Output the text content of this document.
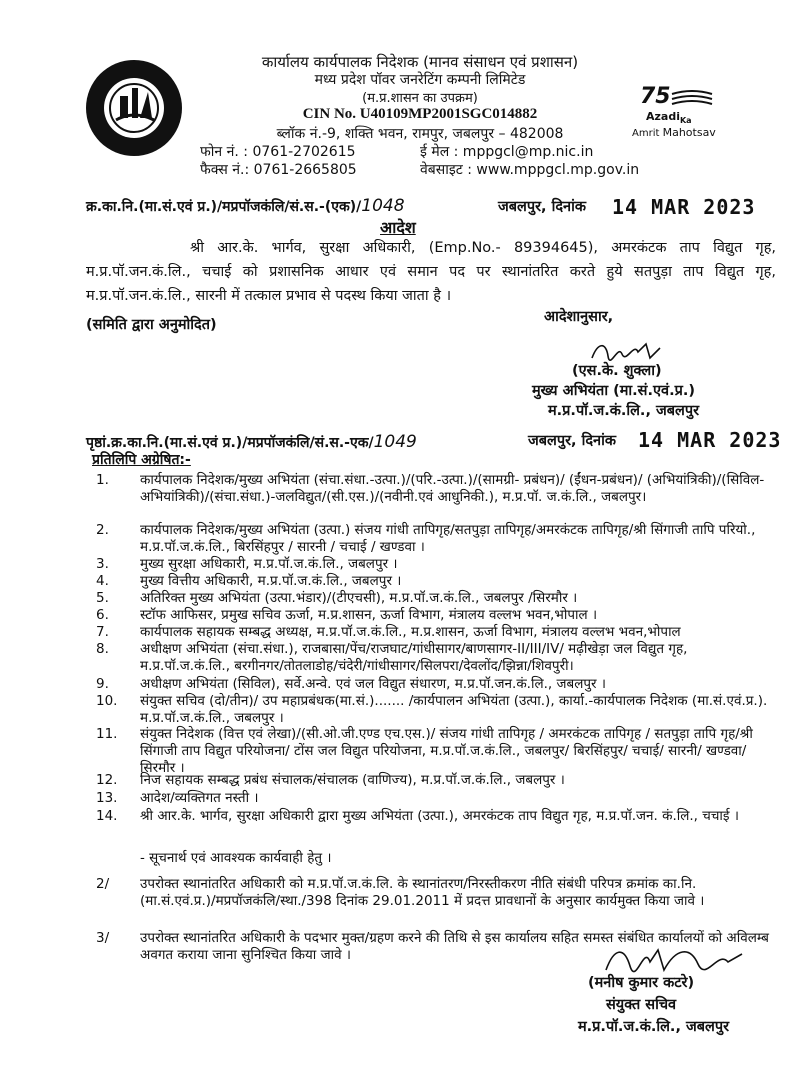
कार्यालय कार्यपालक निदेशक (मानव संसाधन एवं प्रशासन)
मध्य प्रदेश पॉवर जनरेटिंग कम्पनी लिमिटेड
(म.प्र.शासन का उपक्रम)
CIN No. U40109MP2001SGC014882
ब्लॉक नं.-9, शक्ति भवन, रामपुर, जबलपुर – 482008
फोन नं. : 0761-2702615
फैक्स नं.: 0761-2665805
ई मेल : mppgcl@mp.nic.in
वेबसाइट : www.mppgcl.mp.gov.in
75
Azadi$_{Ka}$
Amrit Mahotsav
क्र.का.नि.(मा.सं.एवं प्र.)/मप्रपॉजकंलि/सं.स.-(एक)/1048	जबलपुर, दिनांक 14 MAR 2023
आदेश
श्री आर.के. भार्गव, सुरक्षा अधिकारी, (Emp.No.- 89394645), अमरकंटक ताप विद्युत गृह, म.प्र.पॉ.जन.कं.लि., चचाई को प्रशासनिक आधार एवं समान पद पर स्थानांतरित करते हुये सतपुड़ा ताप विद्युत गृह, म.प्र.पॉ.जन.कं.लि., सारनी में तत्काल प्रभाव से पदस्थ किया जाता है ।
(समिति द्वारा अनुमोदित)	आदेशानुसार,
(एस.के. शुक्ला)
मुख्य अभियंता (मा.सं.एवं.प्र.)
म.प्र.पॉ.ज.कं.लि., जबलपुर
पृष्ठां.क्र.का.नि.(मा.सं.एवं प्र.)/मप्रपॉजकंलि/सं.स.-एक/1049	जबलपुर, दिनांक 14 MAR 2023
प्रतिलिपि अग्रेषित:-
1. कार्यपालक निदेशक/मुख्य अभियंता (संचा.संधा.-उत्पा.)/(परि.-उत्पा.)/(सामग्री- प्रबंधन)/ (ईंधन-प्रबंधन)/ (अभियांत्रिकी)/(सिविल-अभियांत्रिकी)/(संचा.संधा.)-जलविद्युत/(सी.एस.)/(नवीनी.एवं आधुनिकी.), म.प्र.पॉ. ज.कं.लि., जबलपुर।
2. कार्यपालक निदेशक/मुख्य अभियंता (उत्पा.) संजय गांधी तापिगृह/सतपुड़ा तापिगृह/अमरकंटक तापिगृह/श्री सिंगाजी तापि परियो., म.प्र.पॉ.ज.कं.लि., बिरसिंहपुर / सारनी / चचाई / खण्डवा ।
3. मुख्य सुरक्षा अधिकारी, म.प्र.पॉ.ज.कं.लि., जबलपुर ।
4. मुख्य वित्तीय अधिकारी, म.प्र.पॉ.ज.कं.लि., जबलपुर ।
5. अतिरिक्त मुख्य अभियंता (उत्पा.भंडार)/(टीएचसी), म.प्र.पॉ.ज.कं.लि., जबलपुर /सिरमौर ।
6. स्टॉफ आफिसर, प्रमुख सचिव ऊर्जा, म.प्र.शासन, ऊर्जा विभाग, मंत्रालय वल्लभ भवन,भोपाल ।
7. कार्यपालक सहायक सम्बद्ध अध्यक्ष, म.प्र.पॉ.ज.कं.लि., म.प्र.शासन, ऊर्जा विभाग, मंत्रालय वल्लभ भवन,भोपाल
8. अधीक्षण अभियंता (संचा.संधा.), राजबासा/पेंच/राजघाट/गांधीसागर/बाणसागर-II/III/IV/ मढ़ीखेड़ा जल विद्युत गृह, म.प्र.पॉ.ज.कं.लि., बरगीनगर/तोतलाडोह/चंदेरी/गांधीसागर/सिलपरा/देवलोंद/झिन्ना/शिवपुरी।
9. अधीक्षण अभियंता (सिविल), सर्वे.अन्वे. एवं जल विद्युत संधारण, म.प्र.पॉ.जन.कं.लि., जबलपुर ।
10. संयुक्त सचिव (दो/तीन)/ उप महाप्रबंधक(मा.सं.)....... /कार्यपालन अभियंता (उत्पा.), कार्या.-कार्यपालक निदेशक (मा.सं.एवं.प्र.). म.प्र.पॉ.ज.कं.लि., जबलपुर ।
11. संयुक्त निदेशक (वित्त एवं लेखा)/(सी.ओ.जी.एण्ड एच.एस.)/ संजय गांधी तापिगृह / अमरकंटक तापिगृह / सतपुड़ा तापि गृह/श्री सिंगाजी ताप विद्युत परियोजना/ टोंस जल विद्युत परियोजना, म.प्र.पॉ.ज.कं.लि., जबलपुर/ बिरसिंहपुर/ चचाई/ सारनी/ खण्डवा/ सिरमौर ।
12. निज सहायक सम्बद्ध प्रबंध संचालक/संचालक (वाणिज्य), म.प्र.पॉ.ज.कं.लि., जबलपुर ।
13. आदेश/व्यक्तिगत नस्ती ।
14. श्री आर.के. भार्गव, सुरक्षा अधिकारी द्वारा मुख्य अभियंता (उत्पा.), अमरकंटक ताप विद्युत गृह, म.प्र.पॉ.जन. कं.लि., चचाई ।
- सूचनार्थ एवं आवश्यक कार्यवाही हेतु ।
2/ उपरोक्त स्थानांतरित अधिकारी को म.प्र.पॉ.ज.कं.लि. के स्थानांतरण/निरस्तीकरण नीति संबंधी परिपत्र क्रमांक का.नि.(मा.सं.एवं.प्र.)/मप्रपॉजकंलि/स्था./398 दिनांक 29.01.2011 में प्रदत्त प्रावधानों के अनुसार कार्यमुक्त किया जावे ।
3/ उपरोक्त स्थानांतरित अधिकारी के पदभार मुक्त/ग्रहण करने की तिथि से इस कार्यालय सहित समस्त संबंधित कार्यालयों को अविलम्ब अवगत कराया जाना सुनिश्चित किया जावे ।
(मनीष कुमार कटरे)
संयुक्त सचिव
म.प्र.पॉ.ज.कं.लि., जबलपुर
